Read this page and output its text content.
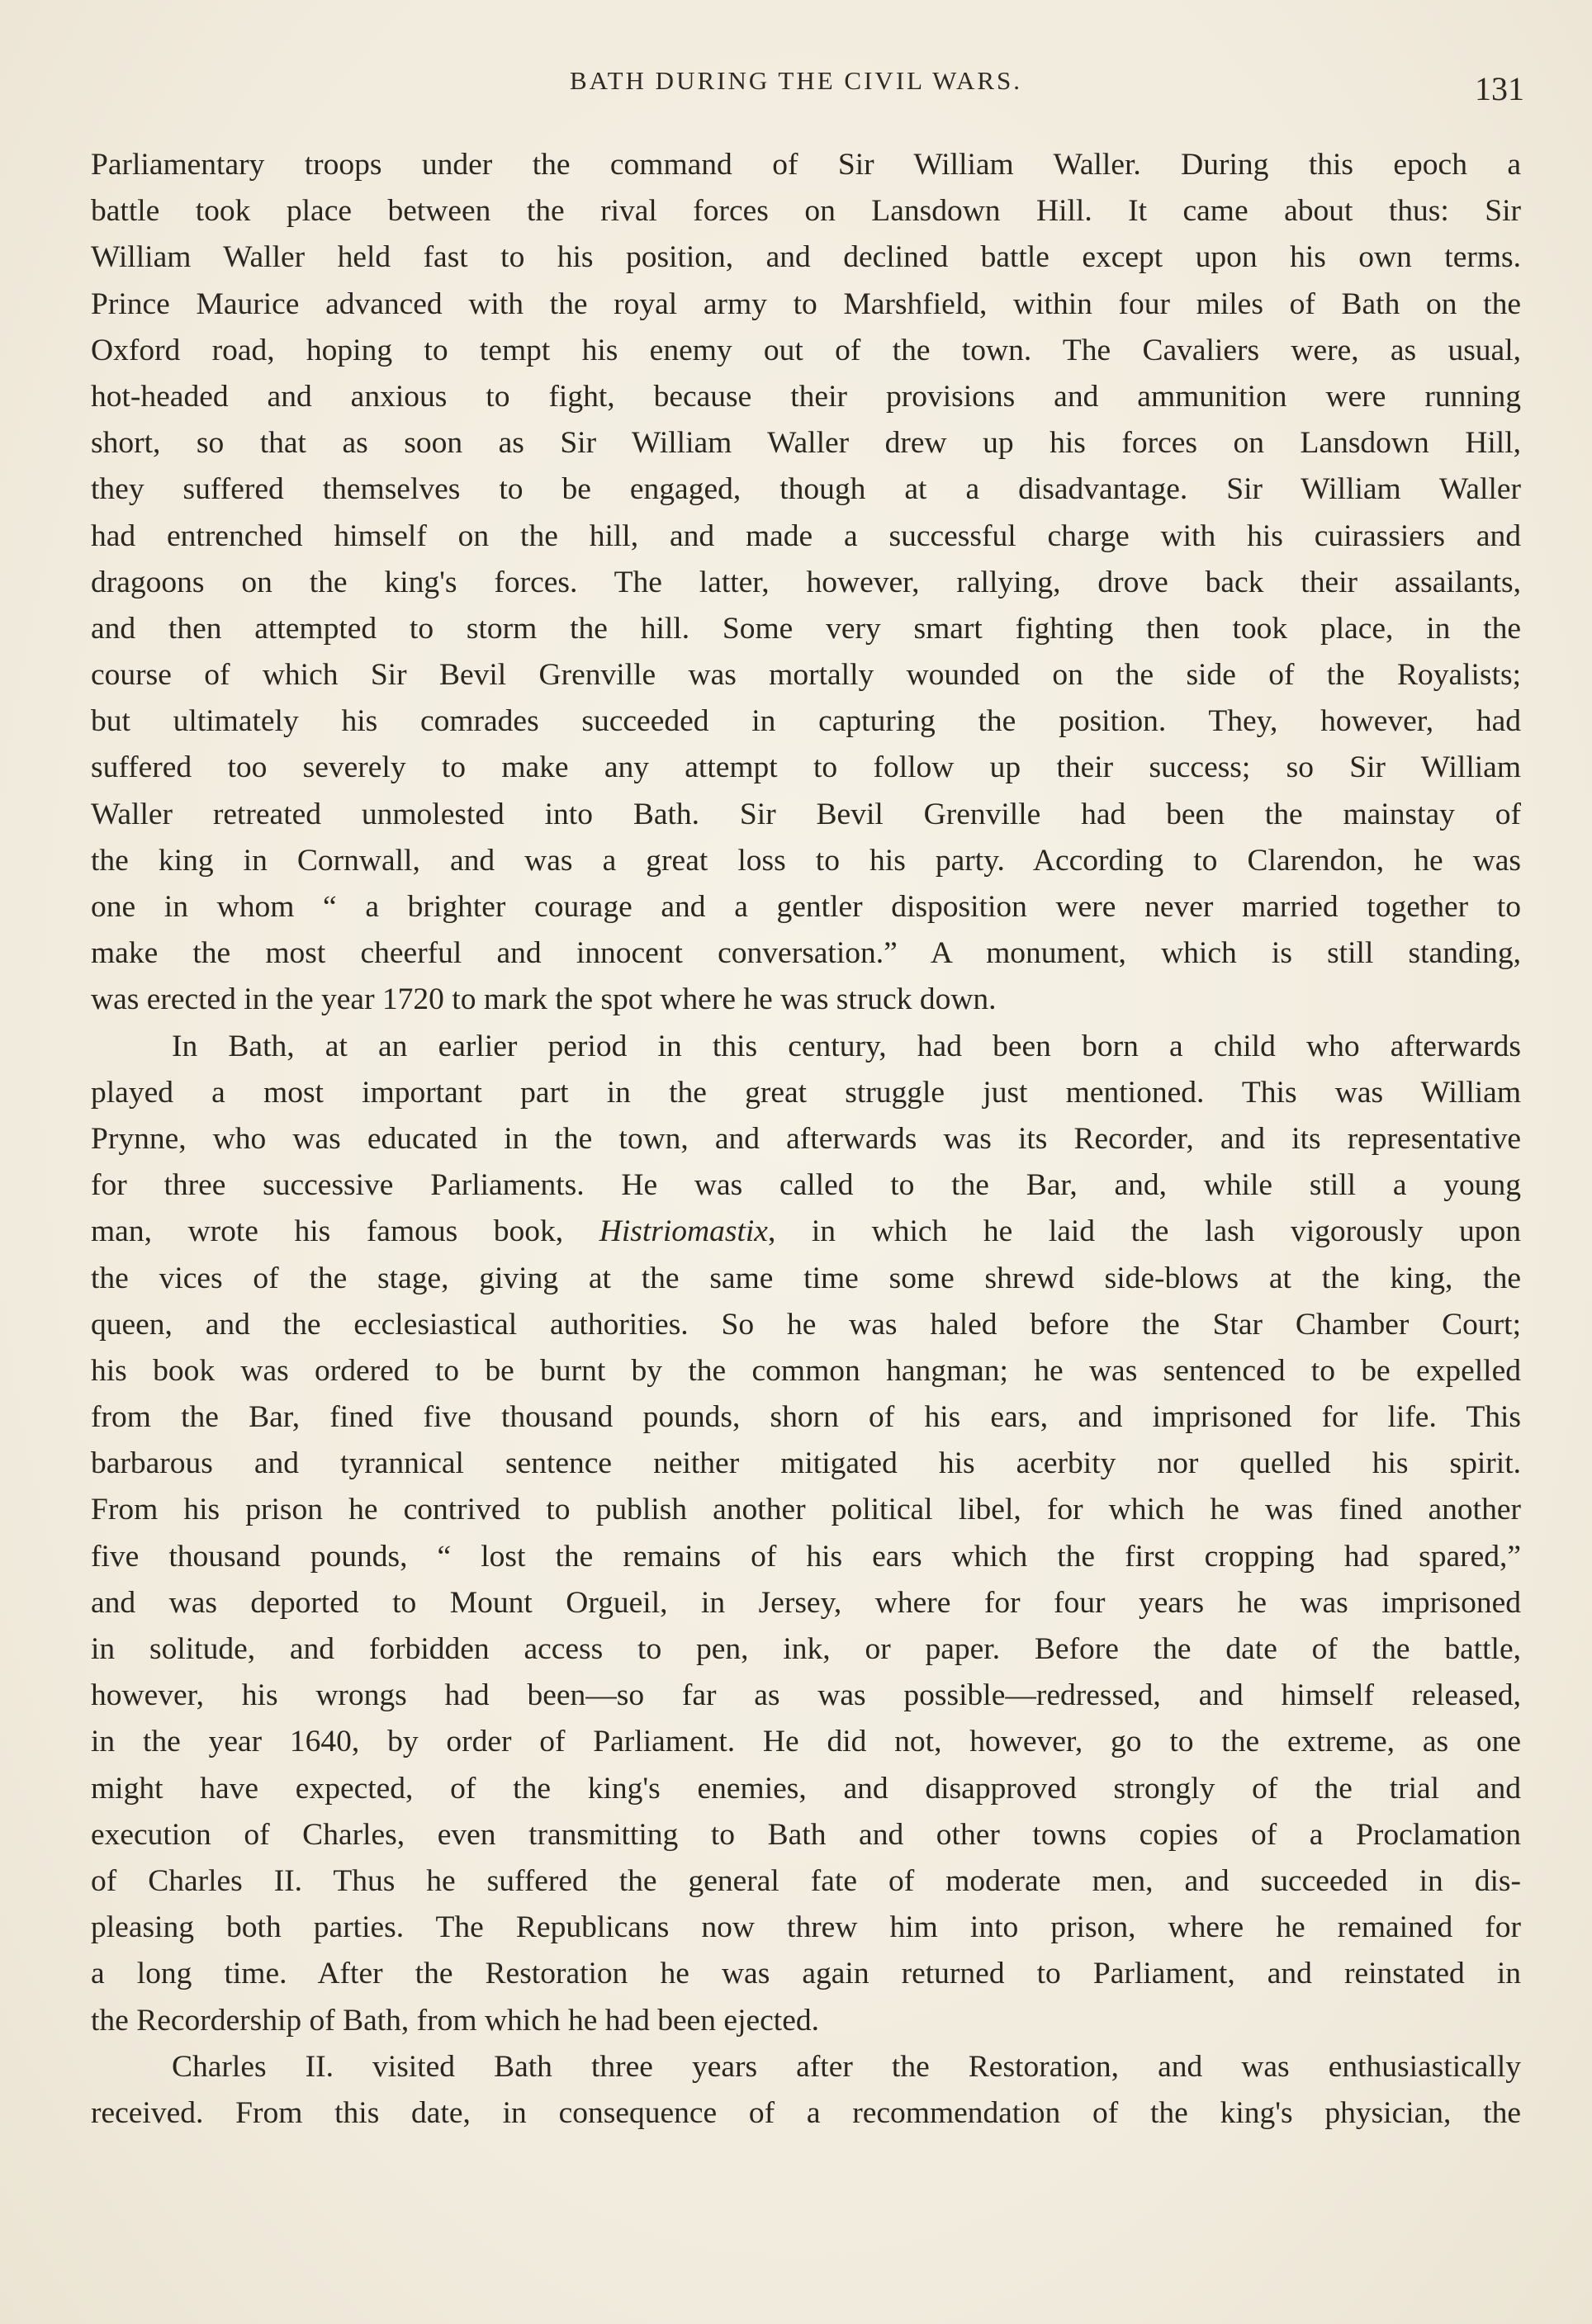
BATH DURING THE CIVIL WARS.	131
Parliamentary troops under the command of Sir William Waller. During this epoch a
battle took place between the rival forces on Lansdown Hill. It came about thus: Sir
William Waller held fast to his position, and declined battle except upon his own terms.
Prince Maurice advanced with the royal army to Marshfield, within four miles of Bath on the
Oxford road, hoping to tempt his enemy out of the town. The Cavaliers were, as usual,
hot-headed and anxious to fight, because their provisions and ammunition were running
short, so that as soon as Sir William Waller drew up his forces on Lansdown Hill,
they suffered themselves to be engaged, though at a disadvantage. Sir William Waller
had entrenched himself on the hill, and made a successful charge with his cuirassiers and
dragoons on the king's forces. The latter, however, rallying, drove back their assailants,
and then attempted to storm the hill. Some very smart fighting then took place, in the
course of which Sir Bevil Grenville was mortally wounded on the side of the Royalists;
but ultimately his comrades succeeded in capturing the position. They, however, had
suffered too severely to make any attempt to follow up their success; so Sir William
Waller retreated unmolested into Bath. Sir Bevil Grenville had been the mainstay of
the king in Cornwall, and was a great loss to his party. According to Clarendon, he was
one in whom “ a brighter courage and a gentler disposition were never married together to
make the most cheerful and innocent conversation.” A monument, which is still standing,
was erected in the year 1720 to mark the spot where he was struck down.
In Bath, at an earlier period in this century, had been born a child who afterwards
played a most important part in the great struggle just mentioned. This was William
Prynne, who was educated in the town, and afterwards was its Recorder, and its representative
for three successive Parliaments. He was called to the Bar, and, while still a young
man, wrote his famous book, Histriomastix, in which he laid the lash vigorously upon
the vices of the stage, giving at the same time some shrewd side-blows at the king, the
queen, and the ecclesiastical authorities. So he was haled before the Star Chamber Court;
his book was ordered to be burnt by the common hangman; he was sentenced to be expelled
from the Bar, fined five thousand pounds, shorn of his ears, and imprisoned for life. This
barbarous and tyrannical sentence neither mitigated his acerbity nor quelled his spirit.
From his prison he contrived to publish another political libel, for which he was fined another
five thousand pounds, “ lost the remains of his ears which the first cropping had spared,”
and was deported to Mount Orgueil, in Jersey, where for four years he was imprisoned
in solitude, and forbidden access to pen, ink, or paper. Before the date of the battle,
however, his wrongs had been—so far as was possible—redressed, and himself released,
in the year 1640, by order of Parliament. He did not, however, go to the extreme, as one
might have expected, of the king's enemies, and disapproved strongly of the trial and
execution of Charles, even transmitting to Bath and other towns copies of a Proclamation
of Charles II. Thus he suffered the general fate of moderate men, and succeeded in dis-
pleasing both parties. The Republicans now threw him into prison, where he remained for
a long time. After the Restoration he was again returned to Parliament, and reinstated in
the Recordership of Bath, from which he had been ejected.
Charles II. visited Bath three years after the Restoration, and was enthusiastically
received. From this date, in consequence of a recommendation of the king's physician, the
